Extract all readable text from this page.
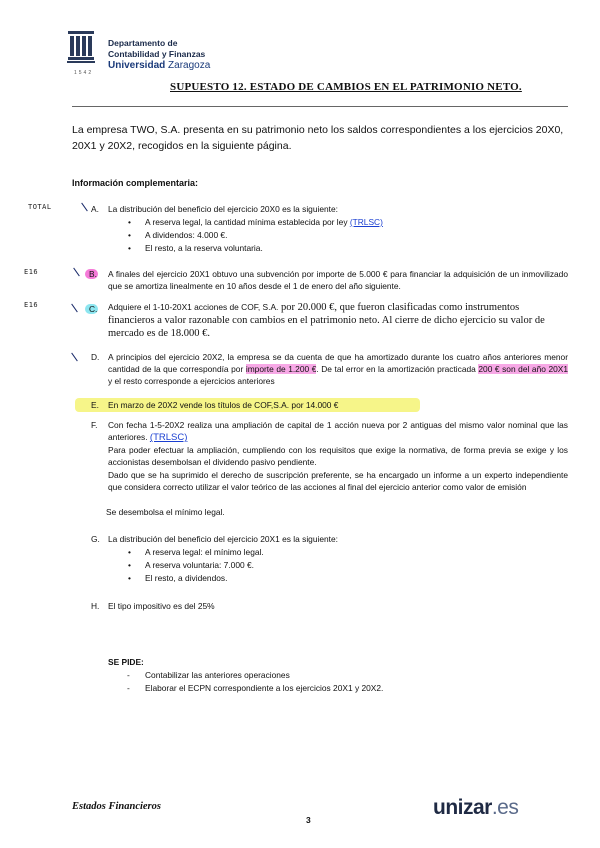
1542
Departamento de
Contabilidad y Finanzas
Universidad Zaragoza
SUPUESTO 12. ESTADO DE CAMBIOS EN EL PATRIMONIO NETO.
La empresa TWO, S.A. presenta en su patrimonio neto los saldos correspondientes a los ejercicios 20X0, 20X1 y 20X2, recogidos en la siguiente página.
Información complementaria:
TOTAL
E16
E16
A. La distribución del beneficio del ejercicio 20X0 es la siguiente:
• A reserva legal, la cantidad mínima establecida por ley (TRLSC)
• A dividendos: 4.000 €.
• El resto, a la reserva voluntaria.
B. A finales del ejercicio 20X1 obtuvo una subvención por importe de 5.000 € para financiar la adquisición de un inmovilizado que se amortiza linealmente en 10 años desde el 1 de enero del año siguiente.
C. Adquiere el 1-10-20X1 acciones de COF, S.A. por 20.000 €, que fueron clasificadas como instrumentos financieros a valor razonable con cambios en el patrimonio neto. Al cierre de dicho ejercicio su valor de mercado es de 18.000 €.
D. A principios del ejercicio 20X2, la empresa se da cuenta de que ha amortizado durante los cuatro años anteriores menor cantidad de la que correspondía por importe de 1.200 €. De tal error en la amortización practicada 200 € son del año 20X1 y el resto corresponde a ejercicios anteriores
E. En marzo de 20X2 vende los títulos de COF,S.A. por 14.000 €
F. Con fecha 1-5-20X2 realiza una ampliación de capital de 1 acción nueva por 2 antiguas del mismo valor nominal que las anteriores. (TRLSC)
Para poder efectuar la ampliación, cumpliendo con los requisitos que exige la normativa, de forma previa se exige y los accionistas desembolsan el dividendo pasivo pendiente.
Dado que se ha suprimido el derecho de suscripción preferente, se ha encargado un informe a un experto independiente que considera correcto utilizar el valor teórico de las acciones al final del ejercicio anterior como valor de emisión
Se desembolsa el mínimo legal.
G. La distribución del beneficio del ejercicio 20X1 es la siguiente:
• A reserva legal: el mínimo legal.
• A reserva voluntaria: 7.000 €.
• El resto, a dividendos.
H. El tipo impositivo es del 25%
SE PIDE:
- Contabilizar las anteriores operaciones
- Elaborar el ECPN correspondiente a los ejercicios 20X1 y 20X2.
Estados Financieros
3
unizar.es
